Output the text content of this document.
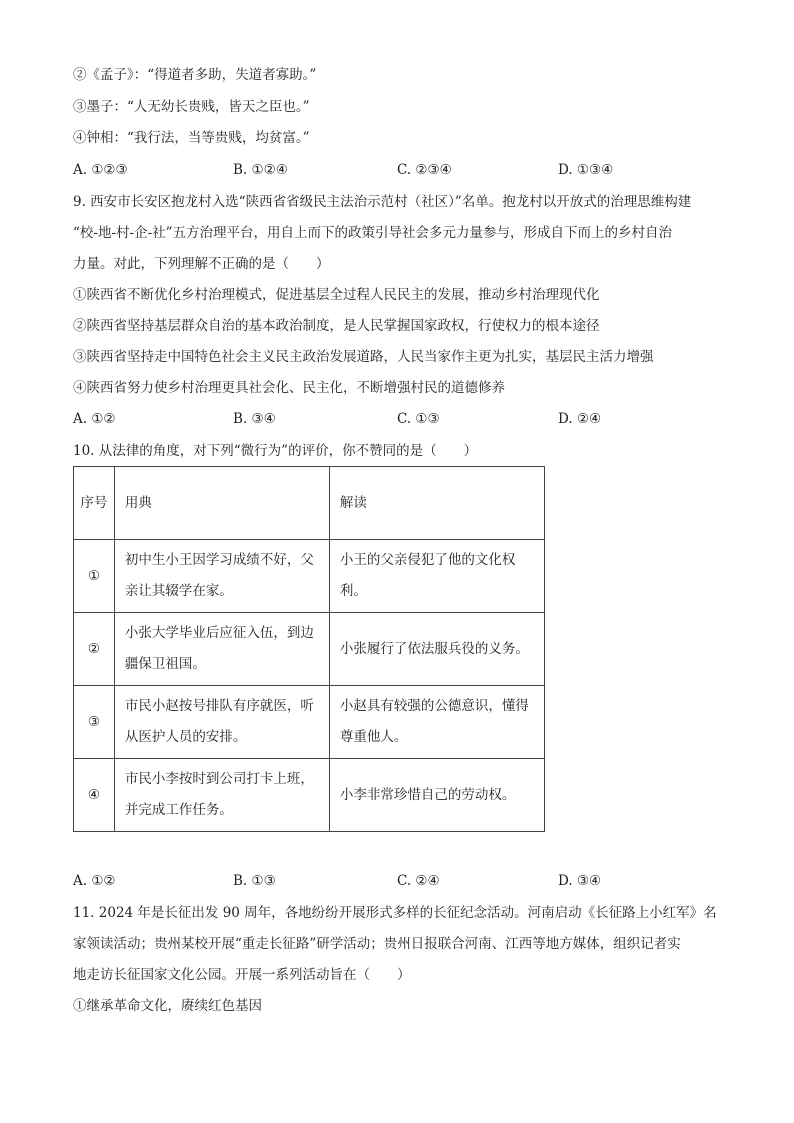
②《孟子》：“得道者多助，失道者寡助。”
③墨子：“人无幼长贵贱，皆天之臣也。”
④钟相：“我行法，当等贵贱，均贫富。”
A. ①②③	B. ①②④	C. ②③④	D. ①③④
9. 西安市长安区抱龙村入选“陕西省省级民主法治示范村（社区）”名单。抱龙村以开放式的治理思维构建
“校-地-村-企-社”五方治理平台，用自上而下的政策引导社会多元力量参与，形成自下而上的乡村自治
力量。对此，下列理解不正确的是（　　）
①陕西省不断优化乡村治理模式，促进基层全过程人民民主的发展，推动乡村治理现代化
②陕西省坚持基层群众自治的基本政治制度，是人民掌握国家政权，行使权力的根本途径
③陕西省坚持走中国特色社会主义民主政治发展道路，人民当家作主更为扎实，基层民主活力增强
④陕西省努力使乡村治理更具社会化、民主化，不断增强村民的道德修养
A. ①②	B. ③④	C. ①③	D. ②④
10. 从法律的角度，对下列“微行为”的评价，你不赞同的是（　　）
序号	用典	解读
①	初中生小王因学习成绩不好，父亲让其辍学在家。	小王的父亲侵犯了他的文化权利。
②	小张大学毕业后应征入伍，到边疆保卫祖国。	小张履行了依法服兵役的义务。
③	市民小赵按号排队有序就医，听从医护人员的安排。	小赵具有较强的公德意识，懂得尊重他人。
④	市民小李按时到公司打卡上班，并完成工作任务。	小李非常珍惜自己的劳动权。
A. ①②	B. ①③	C. ②④	D. ③④
11. 2024 年是长征出发 90 周年，各地纷纷开展形式多样的长征纪念活动。河南启动《长征路上小红军》名
家领读活动；贵州某校开展“重走长征路”研学活动；贵州日报联合河南、江西等地方媒体，组织记者实
地走访长征国家文化公园。开展一系列活动旨在（　　）
①继承革命文化，赓续红色基因
